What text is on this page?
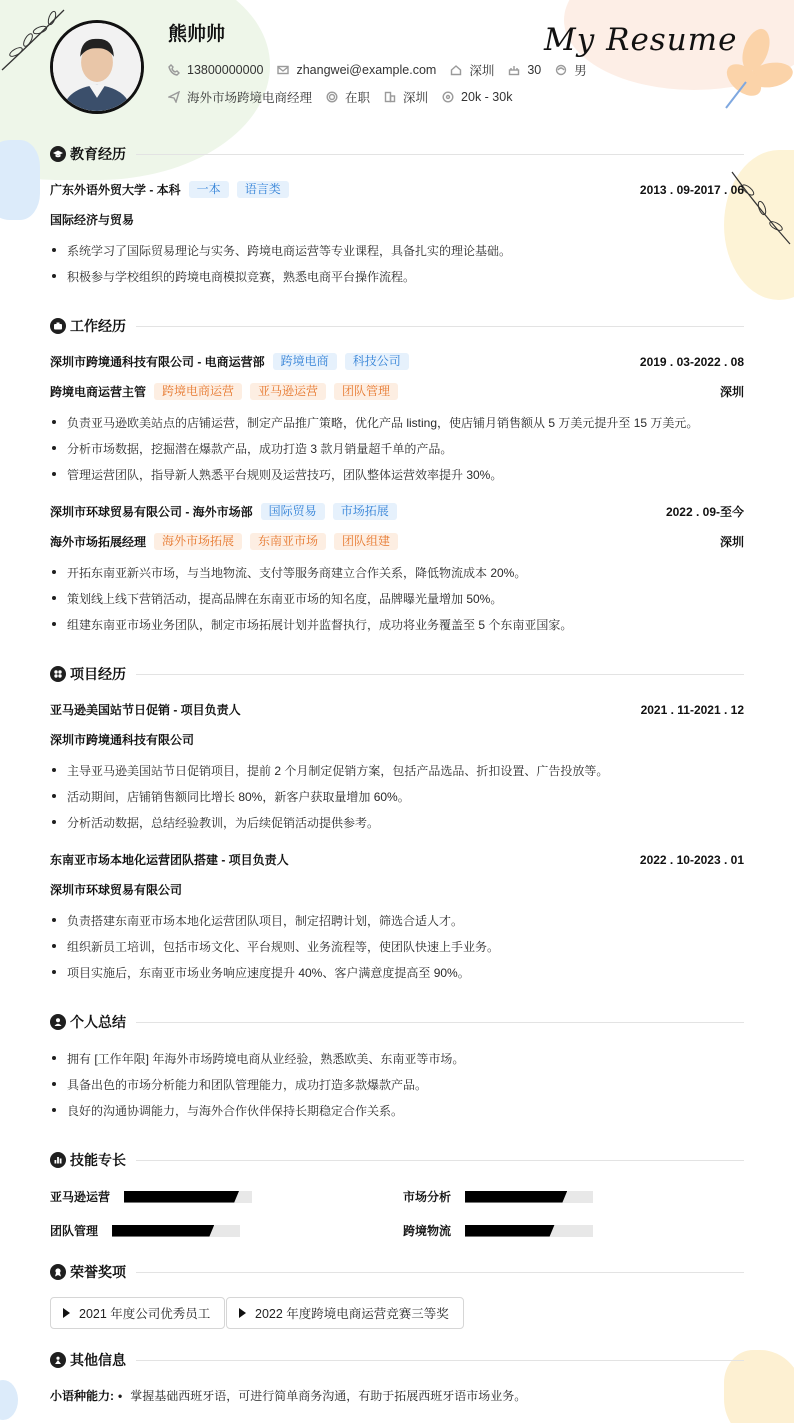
熊帅帅	My Resume
13800000000	zhangwei@example.com	深圳	30	男
海外市场跨境电商经理	在职	深圳	20k - 30k
教育经历
广东外语外贸大学 - 本科	一本	语言类	2013 . 09-2017 . 06
国际经济与贸易
系统学习了国际贸易理论与实务、跨境电商运营等专业课程，具备扎实的理论基础。
积极参与学校组织的跨境电商模拟竞赛，熟悉电商平台操作流程。
工作经历
深圳市跨境通科技有限公司 - 电商运营部	跨境电商	科技公司	2019 . 03-2022 . 08
跨境电商运营主管	跨境电商运营	亚马逊运营	团队管理	深圳
负责亚马逊欧美站点的店铺运营，制定产品推广策略，优化产品 listing，使店铺月销售额从 5 万美元提升至 15 万美元。
分析市场数据，挖掘潜在爆款产品，成功打造 3 款月销量超千单的产品。
管理运营团队，指导新人熟悉平台规则及运营技巧，团队整体运营效率提升 30%。
深圳市环球贸易有限公司 - 海外市场部	国际贸易	市场拓展	2022 . 09-至今
海外市场拓展经理	海外市场拓展	东南亚市场	团队组建	深圳
开拓东南亚新兴市场，与当地物流、支付等服务商建立合作关系，降低物流成本 20%。
策划线上线下营销活动，提高品牌在东南亚市场的知名度，品牌曝光量增加 50%。
组建东南亚市场业务团队，制定市场拓展计划并监督执行，成功将业务覆盖至 5 个东南亚国家。
项目经历
亚马逊美国站节日促销 - 项目负责人	2021 . 11-2021 . 12
深圳市跨境通科技有限公司
主导亚马逊美国站节日促销项目，提前 2 个月制定促销方案，包括产品选品、折扣设置、广告投放等。
活动期间，店铺销售额同比增长 80%，新客户获取量增加 60%。
分析活动数据，总结经验教训，为后续促销活动提供参考。
东南亚市场本地化运营团队搭建 - 项目负责人	2022 . 10-2023 . 01
深圳市环球贸易有限公司
负责搭建东南亚市场本地化运营团队项目，制定招聘计划，筛选合适人才。
组织新员工培训，包括市场文化、平台规则、业务流程等，使团队快速上手业务。
项目实施后，东南亚市场业务响应速度提升 40%、客户满意度提高至 90%。
个人总结
拥有 [工作年限] 年海外市场跨境电商从业经验，熟悉欧美、东南亚等市场。
具备出色的市场分析能力和团队管理能力，成功打造多款爆款产品。
良好的沟通协调能力，与海外合作伙伴保持长期稳定合作关系。
技能专长
亚马逊运营	市场分析
团队管理	跨境物流
荣誉奖项
2021 年度公司优秀员工	2022 年度跨境电商运营竞赛三等奖
其他信息
小语种能力: • 掌握基础西班牙语，可进行简单商务沟通，有助于拓展西班牙语市场业务。
